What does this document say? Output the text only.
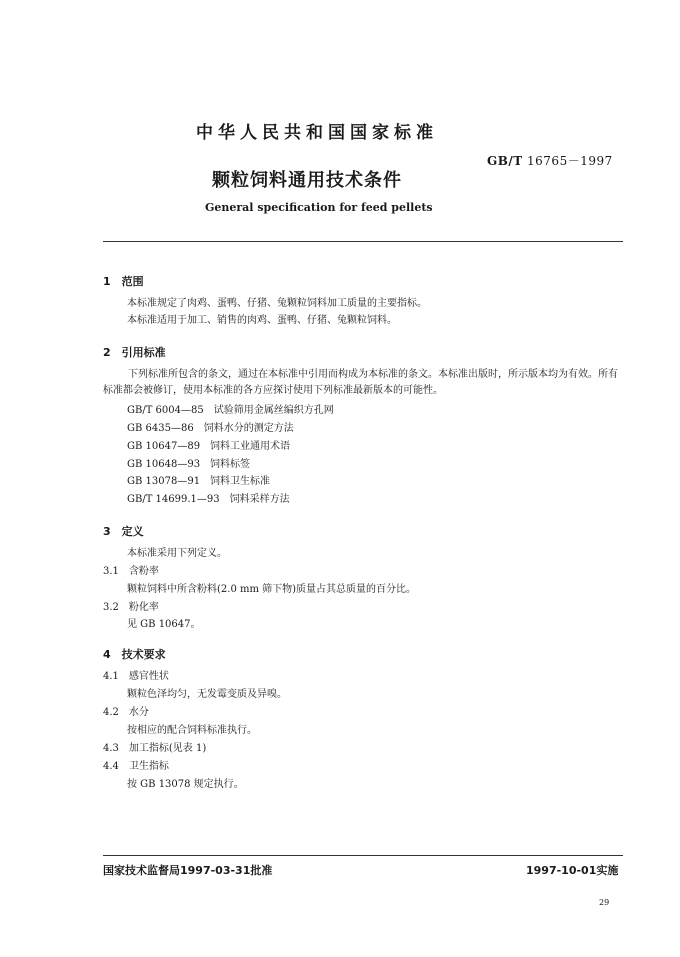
中华人民共和国国家标准
GB/T 16765－1997
颗粒饲料通用技术条件
General specification for feed pellets
1　范围
本标准规定了肉鸡、蛋鸭、仔猪、兔颗粒饲料加工质量的主要指标。
本标准适用于加工、销售的肉鸡、蛋鸭、仔猪、兔颗粒饲料。
2　引用标准
下列标准所包含的条文，通过在本标准中引用而构成为本标准的条文。本标准出版时，所示版本均为有效。所有标准都会被修订，使用本标准的各方应探讨使用下列标准最新版本的可能性。
GB/T 6004—85　试验筛用金属丝编织方孔网
GB 6435—86　饲料水分的测定方法
GB 10647—89　饲料工业通用术语
GB 10648—93　饲料标签
GB 13078—91　饲料卫生标准
GB/T 14699.1—93　饲料采样方法
3　定义
本标准采用下列定义。
3.1　含粉率
颗粒饲料中所含粉料(2.0 mm 筛下物)质量占其总质量的百分比。
3.2　粉化率
见 GB 10647。
4　技术要求
4.1　感官性状
颗粒色泽均匀，无发霉变质及异嗅。
4.2　水分
按相应的配合饲料标准执行。
4.3　加工指标(见表 1)
4.4　卫生指标
按 GB 13078 规定执行。
国家技术监督局1997-03-31批准	1997-10-01实施
29
